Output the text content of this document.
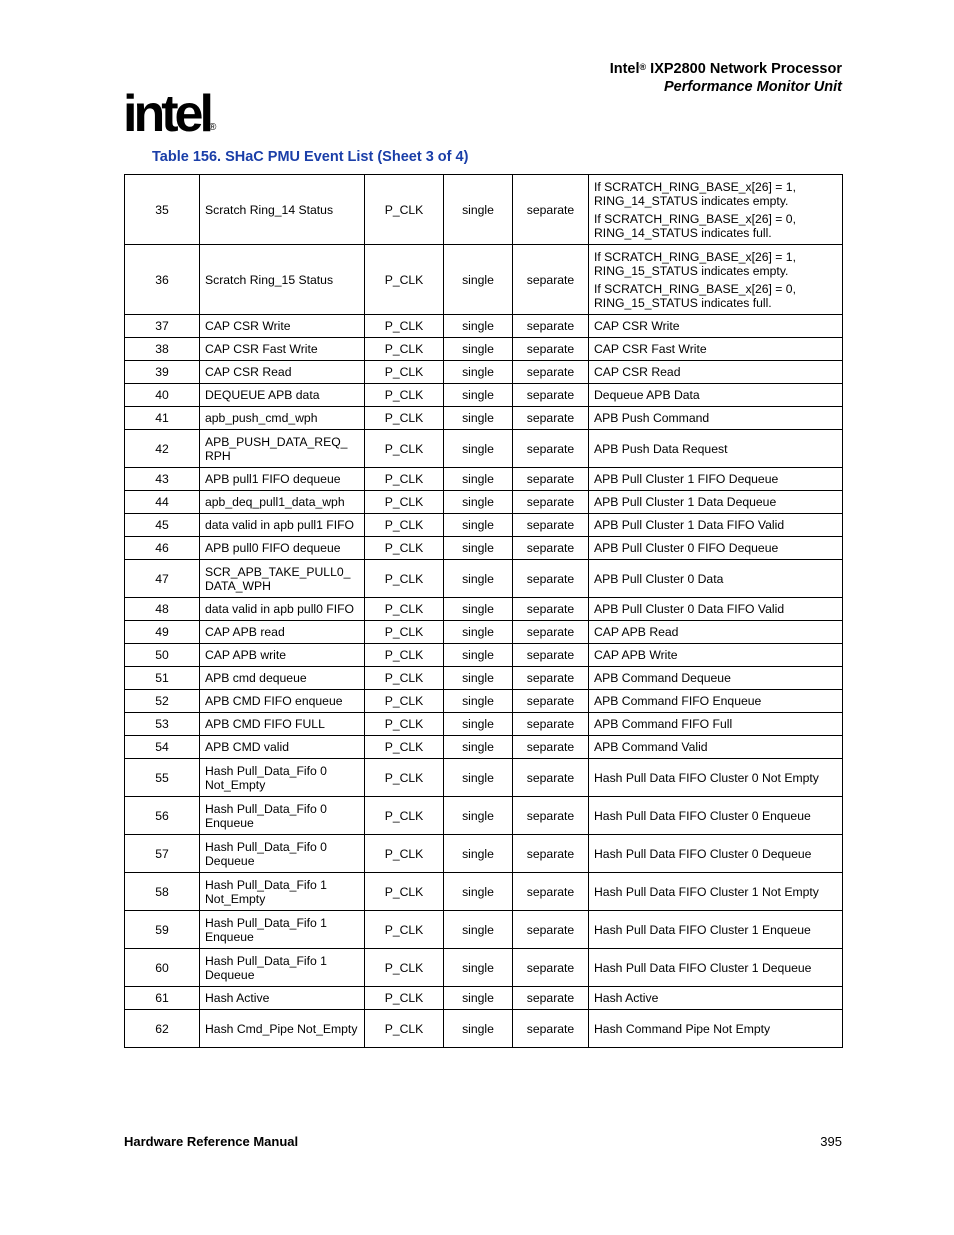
Intel® IXP2800 Network Processor
Performance Monitor Unit
intel ®
Table 156. SHaC PMU Event List (Sheet 3 of 4)
35	Scratch Ring_14 Status	P_CLK	single	separate	If SCRATCH_RING_BASE_x[26] = 1, RING_14_STATUS indicates empty.
If SCRATCH_RING_BASE_x[26] = 0, RING_14_STATUS indicates full.

36	Scratch Ring_15 Status	P_CLK	single	separate	If SCRATCH_RING_BASE_x[26] = 1, RING_15_STATUS indicates empty.
If SCRATCH_RING_BASE_x[26] = 0, RING_15_STATUS indicates full.

37	CAP CSR Write	P_CLK	single	separate	CAP CSR Write

38	CAP CSR Fast Write	P_CLK	single	separate	CAP CSR Fast Write

39	CAP CSR Read	P_CLK	single	separate	CAP CSR Read

40	DEQUEUE APB data	P_CLK	single	separate	Dequeue APB Data

41	apb_push_cmd_wph	P_CLK	single	separate	APB Push Command

42	APB_PUSH_DATA_REQ_ RPH	P_CLK	single	separate	APB Push Data Request

43	APB pull1 FIFO dequeue	P_CLK	single	separate	APB Pull Cluster 1 FIFO Dequeue

44	apb_deq_pull1_data_wph	P_CLK	single	separate	APB Pull Cluster 1 Data Dequeue

45	data valid in apb pull1 FIFO	P_CLK	single	separate	APB Pull Cluster 1 Data FIFO Valid

46	APB pull0 FIFO dequeue	P_CLK	single	separate	APB Pull Cluster 0 FIFO Dequeue

47	SCR_APB_TAKE_PULL0_ DATA_WPH	P_CLK	single	separate	APB Pull Cluster 0 Data

48	data valid in apb pull0 FIFO	P_CLK	single	separate	APB Pull Cluster 0 Data FIFO Valid

49	CAP APB read	P_CLK	single	separate	CAP APB Read

50	CAP APB write	P_CLK	single	separate	CAP APB Write

51	APB cmd dequeue	P_CLK	single	separate	APB Command Dequeue

52	APB CMD FIFO enqueue	P_CLK	single	separate	APB Command FIFO Enqueue

53	APB CMD FIFO FULL	P_CLK	single	separate	APB Command FIFO Full

54	APB CMD valid	P_CLK	single	separate	APB Command Valid

55	Hash Pull_Data_Fifo 0 Not_Empty	P_CLK	single	separate	Hash Pull Data FIFO Cluster 0 Not Empty

56	Hash Pull_Data_Fifo 0 Enqueue	P_CLK	single	separate	Hash Pull Data FIFO Cluster 0 Enqueue

57	Hash Pull_Data_Fifo 0 Dequeue	P_CLK	single	separate	Hash Pull Data FIFO Cluster 0 Dequeue

58	Hash Pull_Data_Fifo 1 Not_Empty	P_CLK	single	separate	Hash Pull Data FIFO Cluster 1 Not Empty

59	Hash Pull_Data_Fifo 1 Enqueue	P_CLK	single	separate	Hash Pull Data FIFO Cluster 1 Enqueue

60	Hash Pull_Data_Fifo 1 Dequeue	P_CLK	single	separate	Hash Pull Data FIFO Cluster 1 Dequeue

61	Hash Active	P_CLK	single	separate	Hash Active

62	Hash Cmd_Pipe Not_Empty	P_CLK	single	separate	Hash Command Pipe Not Empty
Hardware Reference Manual	395
